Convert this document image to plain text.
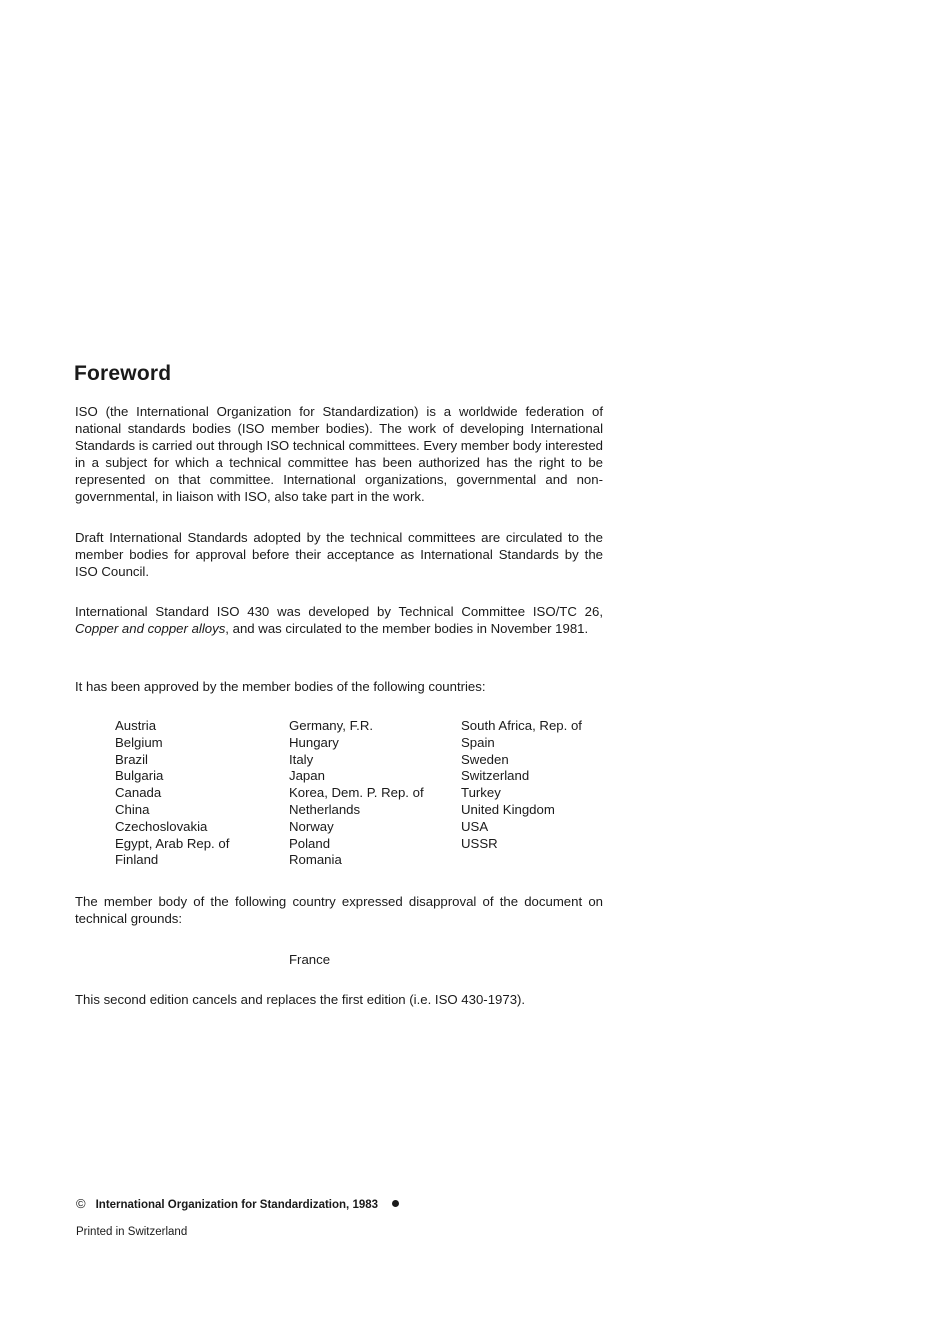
Foreword

ISO (the International Organization for Standardization) is a worldwide federation of national standards bodies (ISO member bodies). The work of developing International Standards is carried out through ISO technical committees. Every member body interested in a subject for which a technical committee has been authorized has the right to be represented on that committee. International organizations, governmental and non-governmental, in liaison with ISO, also take part in the work.

Draft International Standards adopted by the technical committees are circulated to the member bodies for approval before their acceptance as International Standards by the ISO Council.

International Standard ISO 430 was developed by Technical Committee ISO/TC 26, Copper and copper alloys, and was circulated to the member bodies in November 1981.

It has been approved by the member bodies of the following countries:

Austria
Belgium
Brazil
Bulgaria
Canada
China
Czechoslovakia
Egypt, Arab Rep. of
Finland
Germany, F.R.
Hungary
Italy
Japan
Korea, Dem. P. Rep. of
Netherlands
Norway
Poland
Romania
South Africa, Rep. of
Spain
Sweden
Switzerland
Turkey
United Kingdom
USA
USSR

The member body of the following country expressed disapproval of the document on technical grounds:

France

This second edition cancels and replaces the first edition (i.e. ISO 430-1973).

© International Organization for Standardization, 1983
Printed in Switzerland
